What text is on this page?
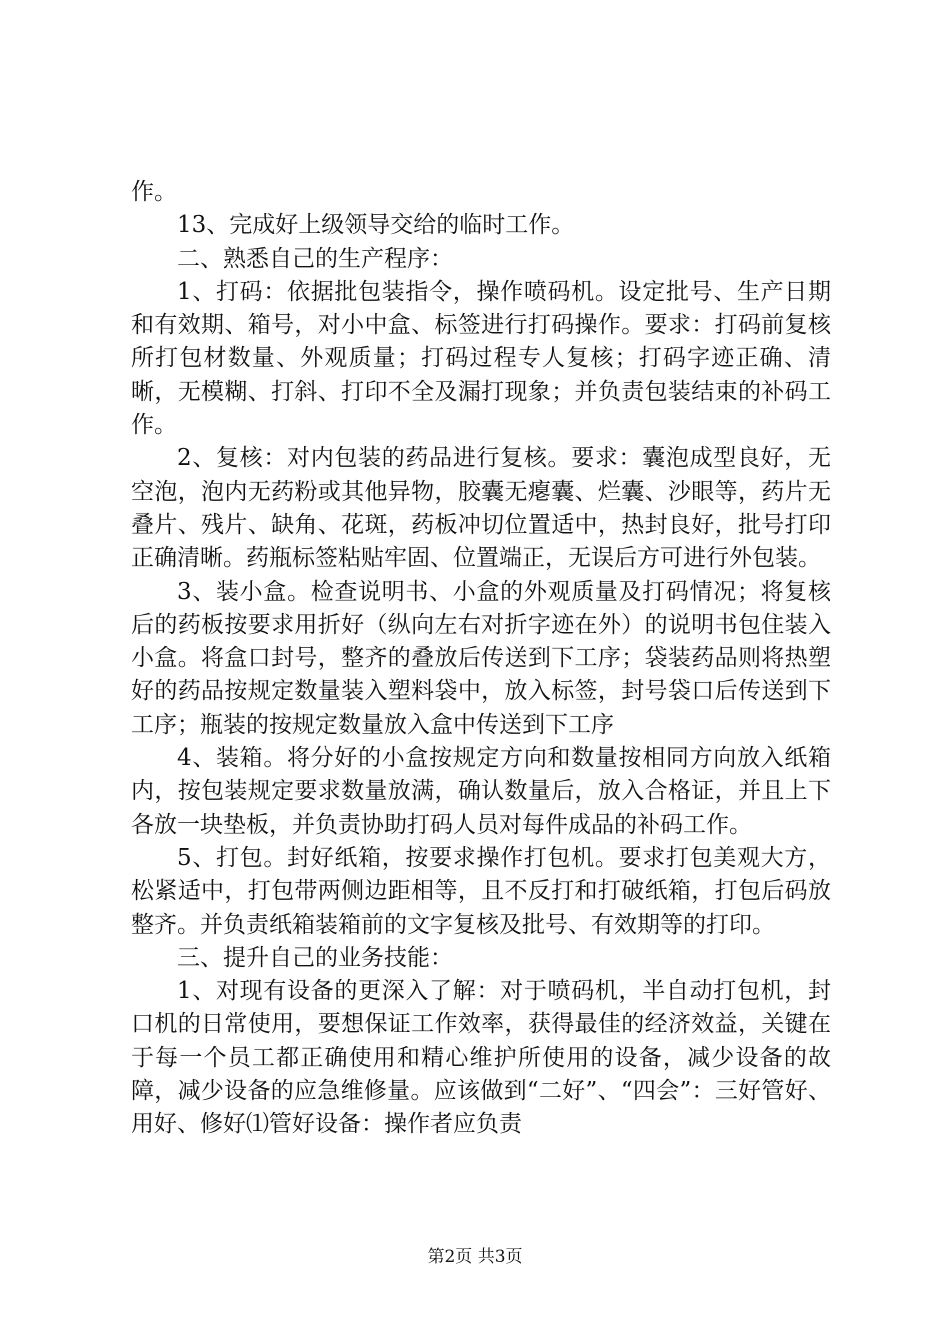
作。

13、完成好上级领导交给的临时工作。

二、熟悉自己的生产程序：

1、打码：依据批包装指令，操作喷码机。设定批号、生产日期和有效期、箱号，对小中盒、标签进行打码操作。要求：打码前复核所打包材数量、外观质量；打码过程专人复核；打码字迹正确、清晰，无模糊、打斜、打印不全及漏打现象；并负责包装结束的补码工作。

2、复核：对内包装的药品进行复核。要求：囊泡成型良好，无空泡，泡内无药粉或其他异物，胶囊无瘪囊、烂囊、沙眼等，药片无叠片、残片、缺角、花斑，药板冲切位置适中，热封良好，批号打印正确清晰。药瓶标签粘贴牢固、位置端正，无误后方可进行外包装。

3、装小盒。检查说明书、小盒的外观质量及打码情况；将复核后的药板按要求用折好（纵向左右对折字迹在外）的说明书包住装入小盒。将盒口封号，整齐的叠放后传送到下工序；袋装药品则将热塑好的药品按规定数量装入塑料袋中，放入标签，封号袋口后传送到下工序；瓶装的按规定数量放入盒中传送到下工序

4、装箱。将分好的小盒按规定方向和数量按相同方向放入纸箱内，按包装规定要求数量放满，确认数量后，放入合格证，并且上下各放一块垫板，并负责协助打码人员对每件成品的补码工作。

5、打包。封好纸箱，按要求操作打包机。要求打包美观大方，松紧适中，打包带两侧边距相等，且不反打和打破纸箱，打包后码放整齐。并负责纸箱装箱前的文字复核及批号、有效期等的打印。

三、提升自己的业务技能：

1、对现有设备的更深入了解：对于喷码机，半自动打包机，封口机的日常使用，要想保证工作效率，获得最佳的经济效益，关键在于每一个员工都正确使用和精心维护所使用的设备，减少设备的故障，减少设备的应急维修量。应该做到“二好”、“四会”：三好管好、用好、修好⑴管好设备：操作者应负责

第2页 共3页
